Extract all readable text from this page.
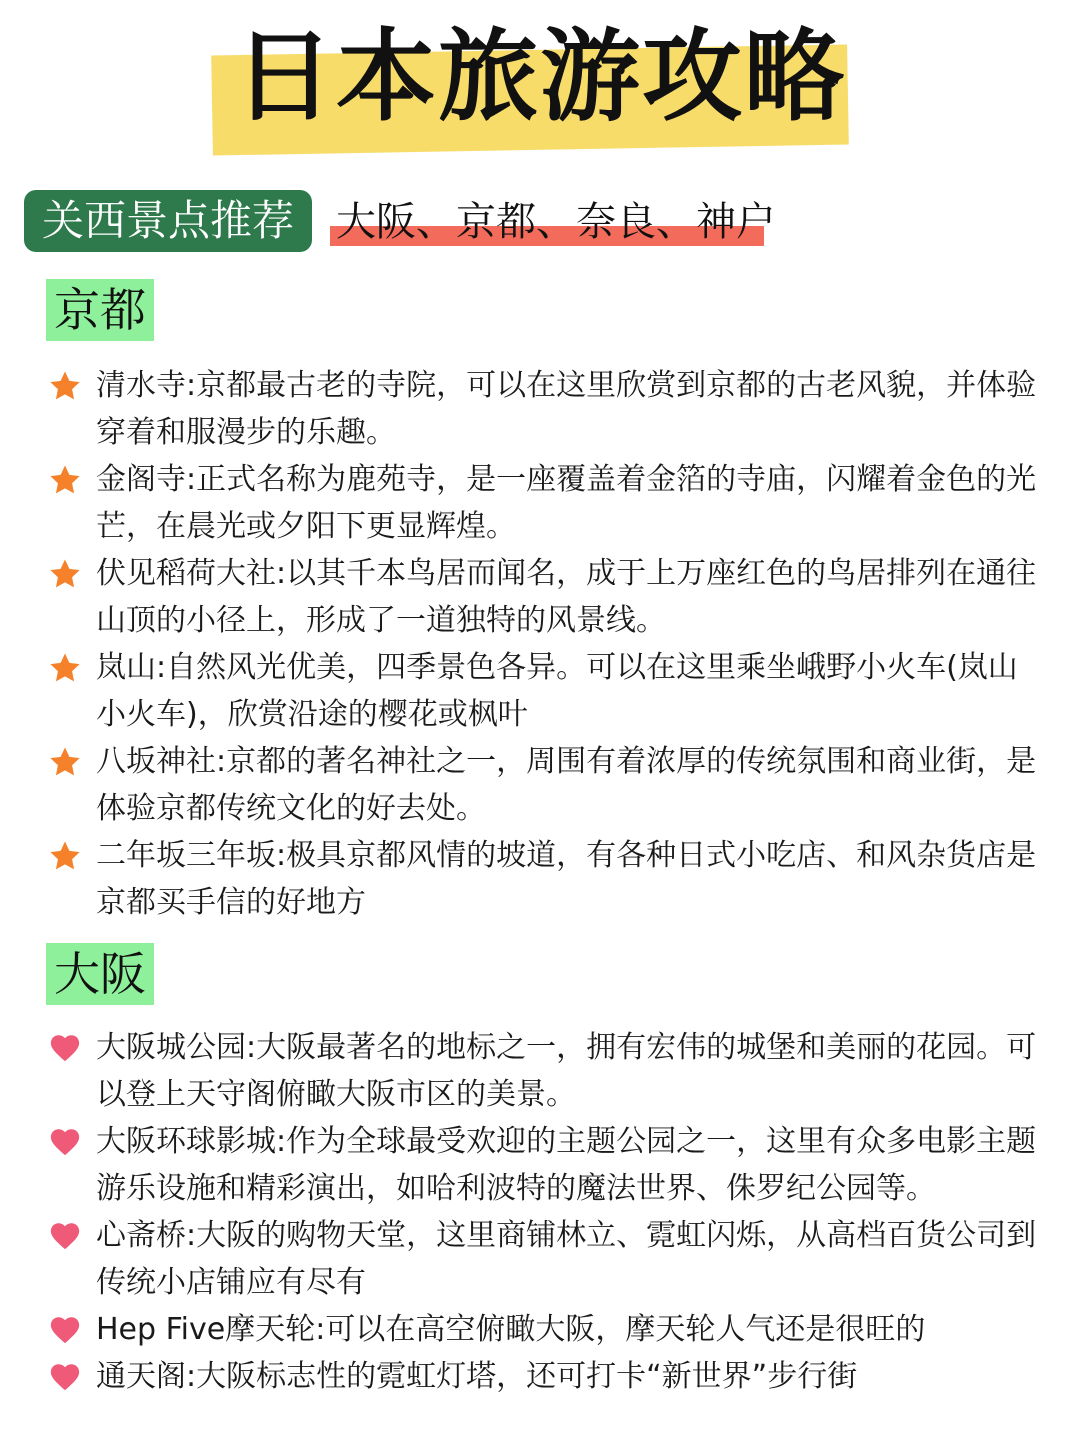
日本旅游攻略
关西景点推荐	大阪、京都、奈良、神户
京都
清水寺:京都最古老的寺院，可以在这里欣赏到京都的古老风貌，并体验穿着和服漫步的乐趣。
金阁寺:正式名称为鹿苑寺，是一座覆盖着金箔的寺庙，闪耀着金色的光芒，在晨光或夕阳下更显辉煌。
伏见稻荷大社:以其千本鸟居而闻名，成于上万座红色的鸟居排列在通往山顶的小径上，形成了一道独特的风景线。
岚山:自然风光优美，四季景色各异。可以在这里乘坐峨野小火车(岚山小火车)，欣赏沿途的樱花或枫叶
八坂神社:京都的著名神社之一，周围有着浓厚的传统氛围和商业街，是体验京都传统文化的好去处。
二年坂三年坂:极具京都风情的坡道，有各种日式小吃店、和风杂货店是京都买手信的好地方
大阪
大阪城公园:大阪最著名的地标之一，拥有宏伟的城堡和美丽的花园。可以登上天守阁俯瞰大阪市区的美景。
大阪环球影城:作为全球最受欢迎的主题公园之一，这里有众多电影主题游乐设施和精彩演出，如哈利波特的魔法世界、侏罗纪公园等。
心斋桥:大阪的购物天堂，这里商铺林立、霓虹闪烁，从高档百货公司到传统小店铺应有尽有
Hep Five摩天轮:可以在高空俯瞰大阪，摩天轮人气还是很旺的
通天阁:大阪标志性的霓虹灯塔，还可打卡“新世界”步行街
